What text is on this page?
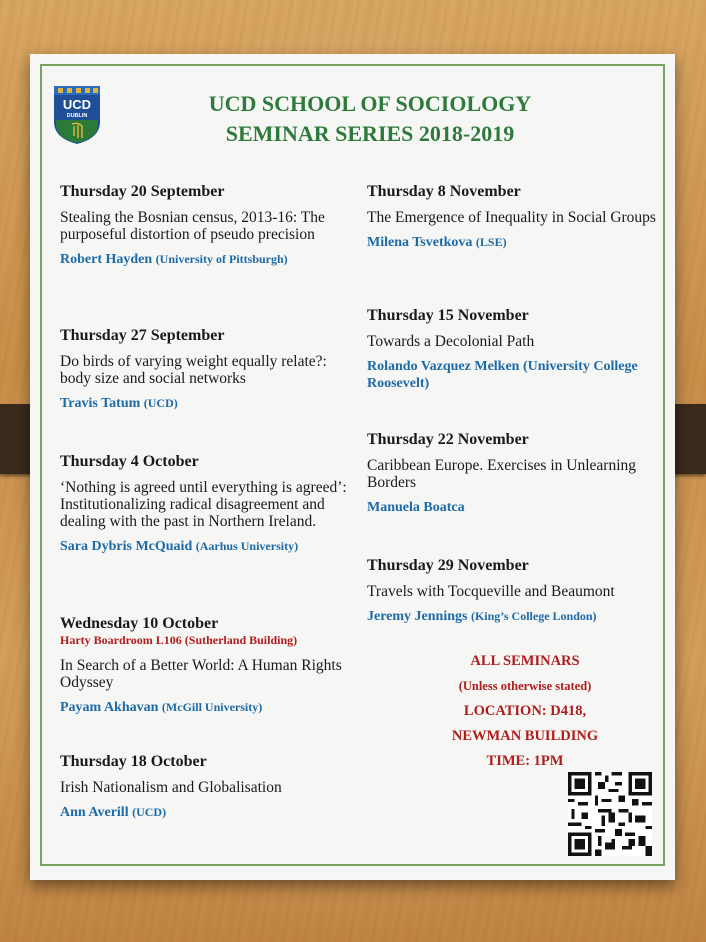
UCD
DUBLIN	UCD SCHOOL OF SOCIOLOGY
SEMINAR SERIES 2018-2019
Thursday 20 September
Stealing the Bosnian census, 2013-16: The purposeful distortion of pseudo precision
Robert Hayden (University of Pittsburgh)
Thursday 27 September
Do birds of varying weight equally relate?: body size and social networks
Travis Tatum (UCD)
Thursday 4 October
‘Nothing is agreed until everything is agreed’: Institutionalizing radical disagreement and dealing with the past in Northern Ireland.
Sara Dybris McQuaid (Aarhus University)
Wednesday 10 October
Harty Boardroom L106 (Sutherland Building)
In Search of a Better World: A Human Rights Odyssey
Payam Akhavan (McGill University)
Thursday 18 October
Irish Nationalism and Globalisation
Ann Averill (UCD)
Thursday 8 November
The Emergence of Inequality in Social Groups
Milena Tsvetkova (LSE)
Thursday 15 November
Towards a Decolonial Path
Rolando Vazquez Melken (University College Roosevelt)
Thursday 22 November
Caribbean Europe. Exercises in Unlearning Borders
Manuela Boatca
Thursday 29 November
Travels with Tocqueville and Beaumont
Jeremy Jennings (King’s College London)
ALL SEMINARS
(Unless otherwise stated)
LOCATION: D418,
NEWMAN BUILDING
TIME: 1PM
